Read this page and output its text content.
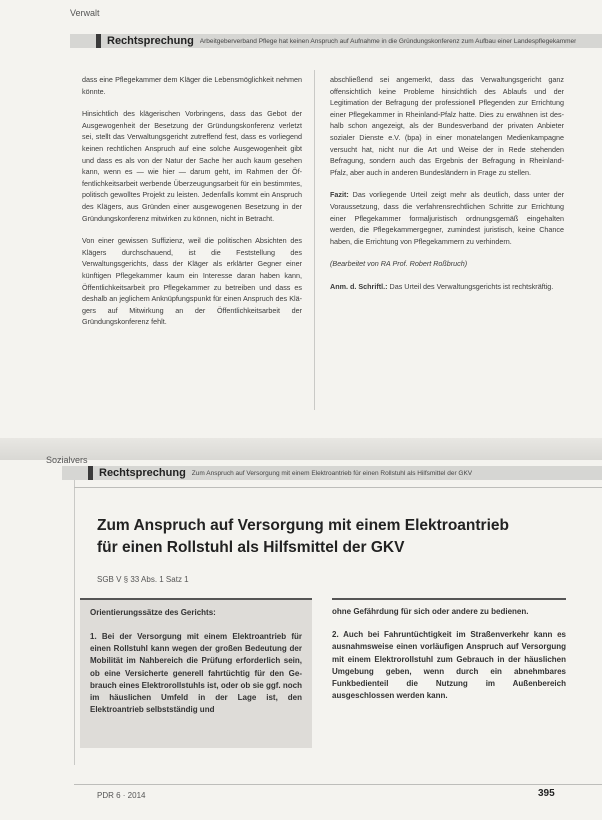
Verwalt
Rechtsprechung Arbeitgeberverband Pflege hat keinen Anspruch auf Aufnahme in die Gründungskonferenz zum Aufbau einer Landespflegekammer

dass eine Pflegekammer dem Kläger die Lebensmöglichkeit nehmen könnte.

Hinsichtlich des klägerischen Vorbringens, dass das Gebot der Ausgewogenheit der Besetzung der Gründungskonferenz verletzt sei, stellt das Verwaltungsgericht zutreffend fest, dass es vorliegend keinen rechtlichen Anspruch auf eine solche Ausgewogenheit gibt und dass es als von der Natur der Sache her auch kaum gesehen kann, wenn es — wie hier — darum geht, im Rahmen der Öffentlichkeitsarbeit werbende Überzeugungsarbeit für ein bestimmtes, politisch gewolltes Projekt zu leisten. Jedenfalls kommt ein Anspruch des Klägers, aus Gründen einer ausgewogenen Besetzung in der Gründungskonferenz mitwirken zu können, nicht in Betracht.

Von einer gewissen Suffizienz, weil die politischen Absichten des Klägers durchschauend, ist die Feststellung des Verwaltungsgerichts, dass der Kläger als erklärter Gegner einer künftigen Pflegekammer kaum ein Interesse daran haben kann, Öffentlichkeitsarbeit pro Pflegekammer zu betreiben und dass es deshalb an jeglichem Anknüpfungspunkt für einen Anspruch des Klägers auf Mitwirkung an der Öffentlichkeitsarbeit der Gründungskonferenz fehlt.

abschließend sei angemerkt, dass das Verwaltungsgericht ganz offensichtlich keine Probleme hinsichtlich des Ablaufs und der Legitimation der Befragung der professionell Pflegenden zur Errichtung einer Pflegekammer in Rheinland-Pfalz hatte. Dies zu erwähnen ist deshalb schon angezeigt, als der Bundesverband der privaten Anbieter sozialer Dienste e.V. (bpa) in einer monatelangen Medienkampagne versucht hat, nicht nur die Art und Weise der in Rede stehenden Befragung, sondern auch das Ergebnis der Befragung in Rheinland-Pfalz, aber auch in anderen Bundesländern in Frage zu stellen.

Fazit: Das vorliegende Urteil zeigt mehr als deutlich, dass unter der Voraussetzung, dass die verfahrensrechtlichen Schritte zur Errichtung einer Pflegekammer formaljuristisch ordnungsgemäß eingehalten werden, die Pflegekammergegner, zumindest juristisch, keine Chance haben, die Errichtung von Pflegekammern zu verhindern.

(Bearbeitet von RA Prof. Robert Roßbruch)

Anm. d. Schriftl.: Das Urteil des Verwaltungsgerichts ist rechtskräftig.

Sozialvers
Rechtsprechung Zum Anspruch auf Versorgung mit einem Elektroantrieb für einen Rollstuhl als Hilfsmittel der GKV
Zum Anspruch auf Versorgung mit einem Elektroantrieb
für einen Rollstuhl als Hilfsmittel der GKV
SGB V § 33 Abs. 1 Satz 1
Orientierungssätze des Gerichts:
1. Bei der Versorgung mit einem Elektroantrieb für einen Rollstuhl kann wegen der großen Bedeutung der Mobilität im Nahbereich die Prüfung erforderlich sein, ob eine Versicherte generell fahrtüchtig für den Gebrauch eines Elektrorollstuhls ist, oder ob sie ggf. noch im häuslichen Umfeld in der Lage ist, den Elektroantrieb selbstständig und

ohne Gefährdung für sich oder andere zu bedienen.

2. Auch bei Fahruntüchtigkeit im Straßenverkehr kann es ausnahmsweise einen vorläufigen Anspruch auf Versorgung mit einem Elektrorollstuhl zum Gebrauch in der häuslichen Umgebung geben, wenn durch ein abnehmbares Funkbedienteil die Nutzung im Außenbereich ausgeschlossen werden kann.

PDR 6 · 2014	395
